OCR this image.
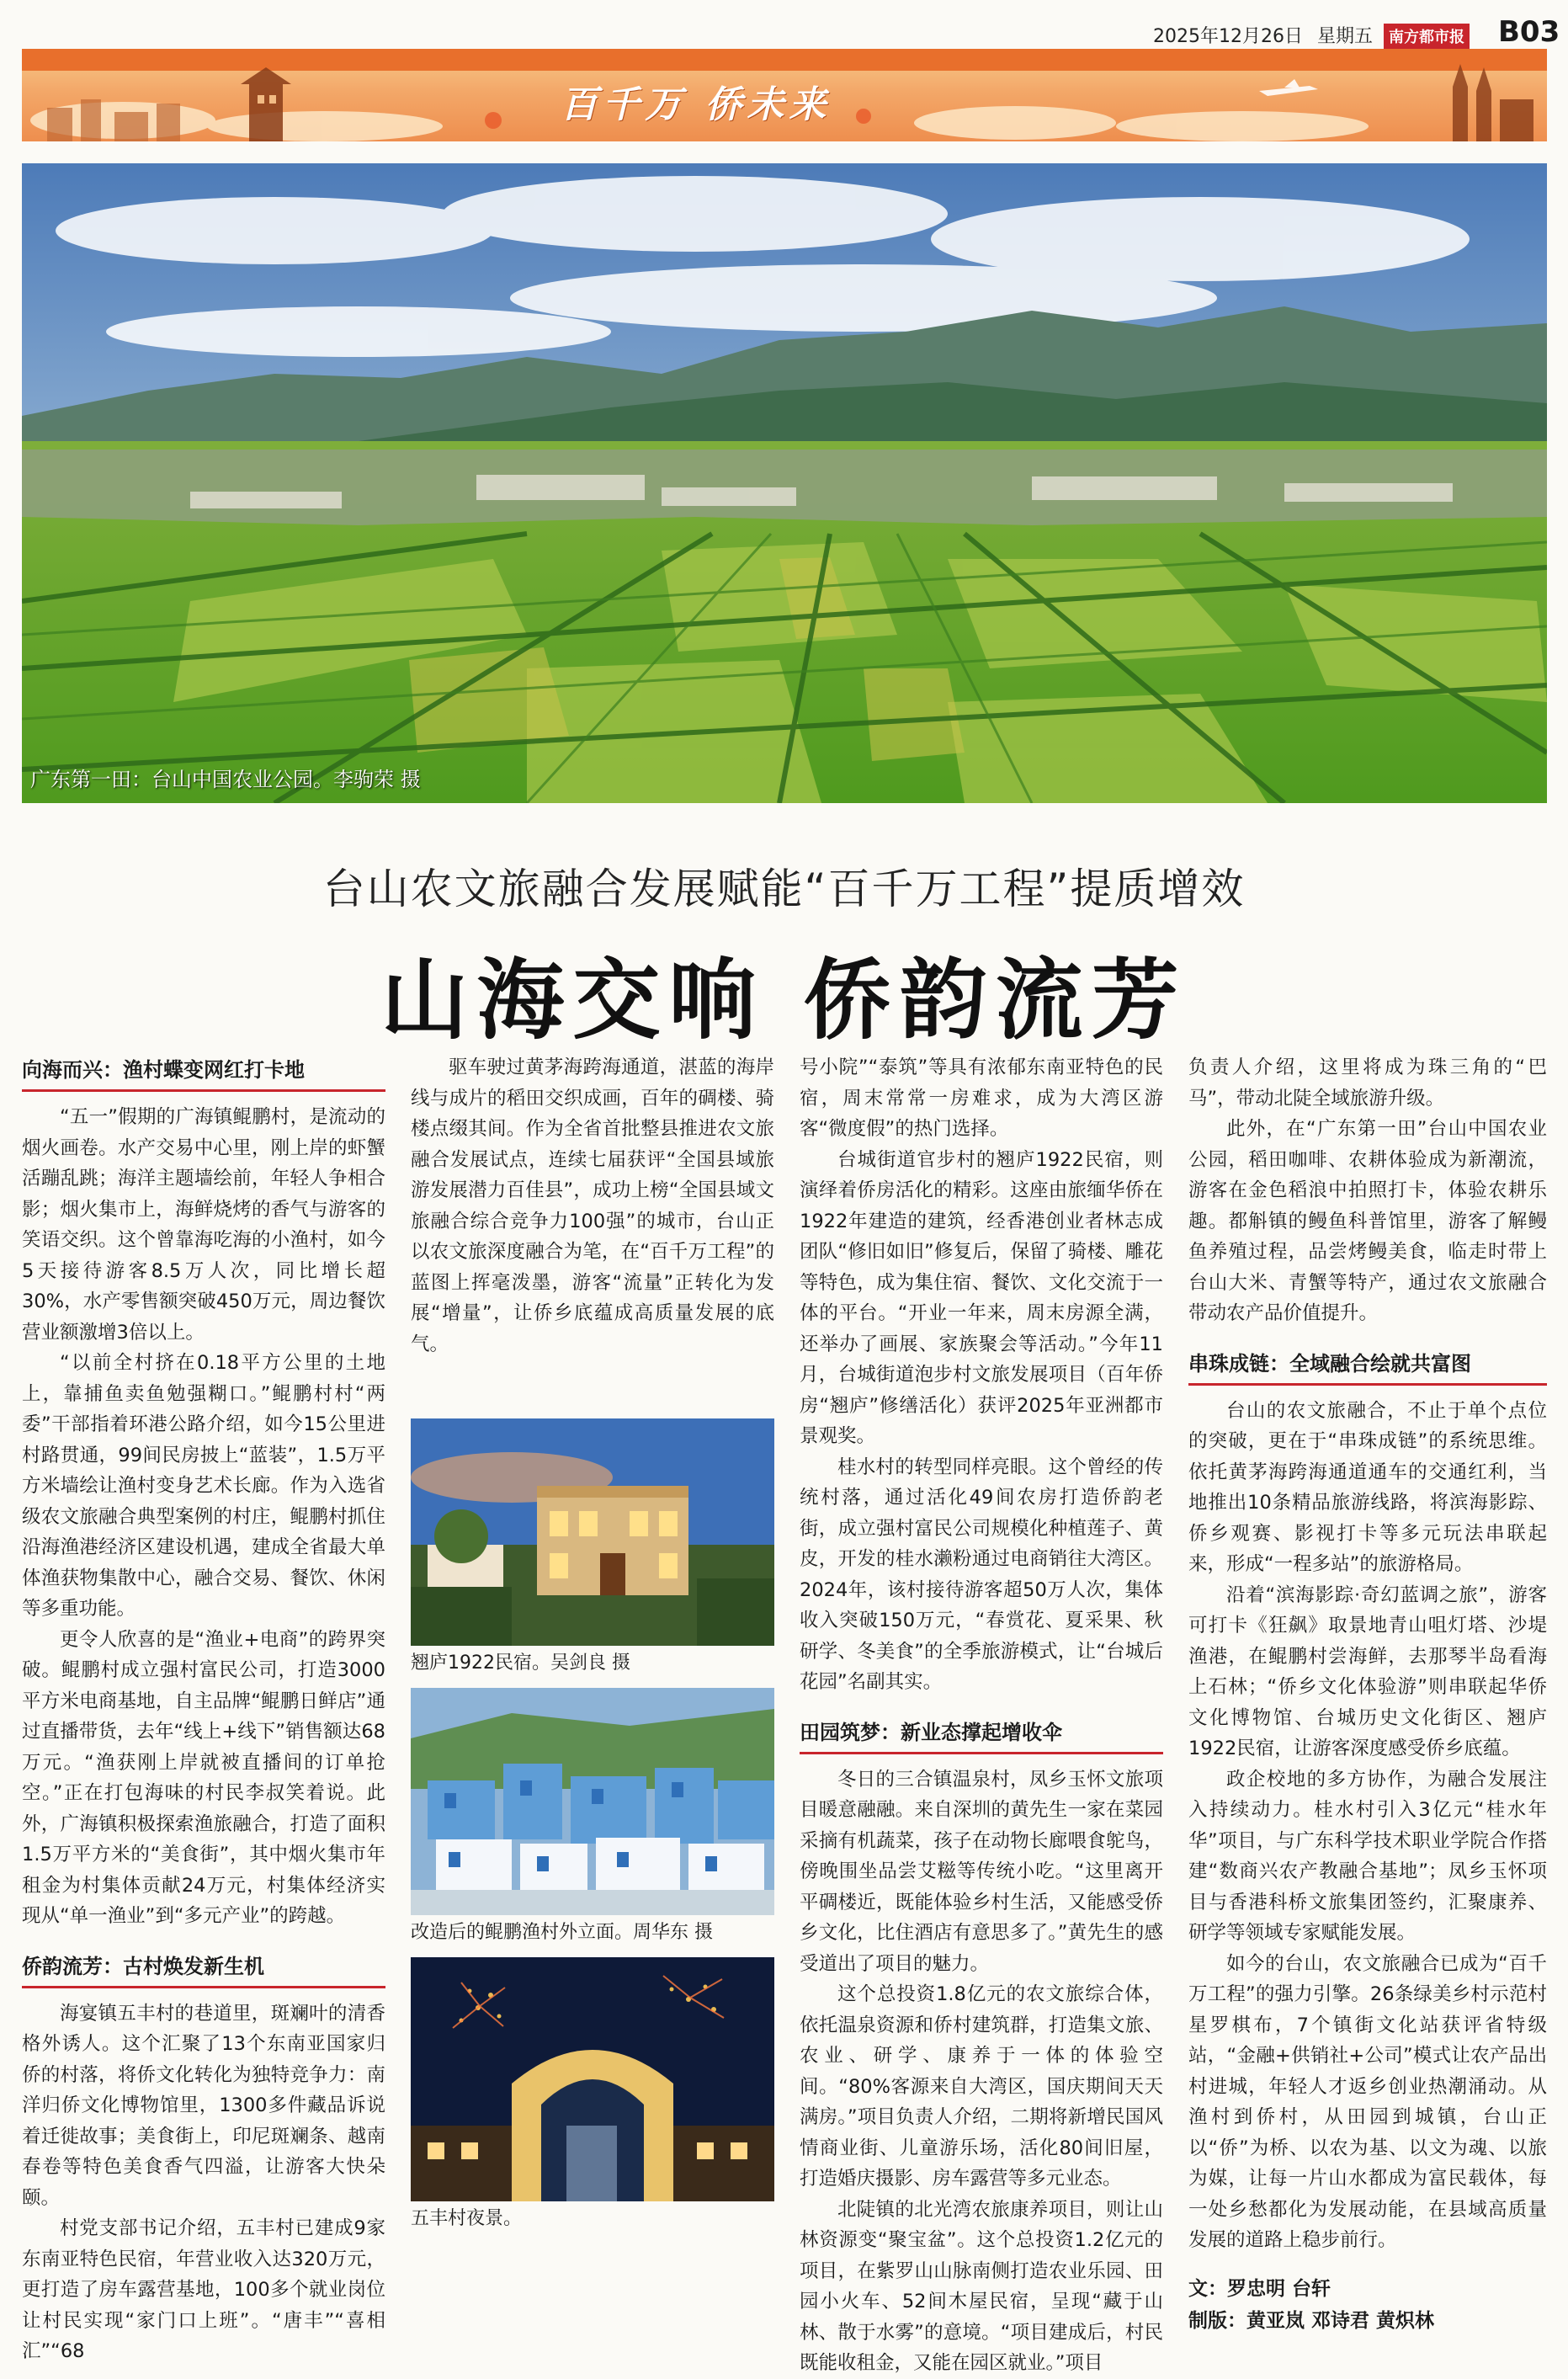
2025年12月26日 星期五 南方都市报	B03
百千万 侨未来
广东第一田：台山中国农业公园。李驹荣 摄
台山农文旅融合发展赋能“百千万工程”提质增效
山海交响 侨韵流芳
向海而兴：渔村蝶变网红打卡地

“五一”假期的广海镇鲲鹏村，是流动的烟火画卷。水产交易中心里，刚上岸的虾蟹活蹦乱跳；海洋主题墙绘前，年轻人争相合影；烟火集市上，海鲜烧烤的香气与游客的笑语交织。这个曾靠海吃海的小渔村，如今5天接待游客8.5万人次，同比增长超30%，水产零售额突破450万元，周边餐饮营业额激增3倍以上。

“以前全村挤在0.18平方公里的土地上，靠捕鱼卖鱼勉强糊口。”鲲鹏村村“两委”干部指着环港公路介绍，如今15公里进村路贯通，99间民房披上“蓝装”，1.5万平方米墙绘让渔村变身艺术长廊。作为入选省级农文旅融合典型案例的村庄，鲲鹏村抓住沿海渔港经济区建设机遇，建成全省最大单体渔获物集散中心，融合交易、餐饮、休闲等多重功能。

更令人欣喜的是“渔业+电商”的跨界突破。鲲鹏村成立强村富民公司，打造3000平方米电商基地，自主品牌“鲲鹏日鲜店”通过直播带货，去年“线上+线下”销售额达68万元。“渔获刚上岸就被直播间的订单抢空。”正在打包海味的村民李叔笑着说。此外，广海镇积极探索渔旅融合，打造了面积1.5万平方米的“美食街”，其中烟火集市年租金为村集体贡献24万元，村集体经济实现从“单一渔业”到“多元产业”的跨越。

侨韵流芳：古村焕发新生机

海宴镇五丰村的巷道里，斑斓叶的清香格外诱人。这个汇聚了13个东南亚国家归侨的村落，将侨文化转化为独特竞争力：南洋归侨文化博物馆里，1300多件藏品诉说着迁徙故事；美食街上，印尼斑斓条、越南春卷等特色美食香气四溢，让游客大快朵颐。

村党支部书记介绍，五丰村已建成9家东南亚特色民宿，年营业收入达320万元，更打造了房车露营基地，100多个就业岗位让村民实现“家门口上班”。“唐丰”“喜相汇”“68

驱车驶过黄茅海跨海通道，湛蓝的海岸线与成片的稻田交织成画，百年的碉楼、骑楼点缀其间。作为全省首批整县推进农文旅融合发展试点，连续七届获评“全国县域旅游发展潜力百佳县”，成功上榜“全国县域文旅融合综合竞争力100强”的城市，台山正以农文旅深度融合为笔，在“百千万工程”的蓝图上挥毫泼墨，游客“流量”正转化为发展“增量”，让侨乡底蕴成高质量发展的底气。

翘庐1922民宿。吴剑良 摄
改造后的鲲鹏渔村外立面。周华东 摄
五丰村夜景。

号小院”“泰筑”等具有浓郁东南亚特色的民宿，周末常常一房难求，成为大湾区游客“微度假”的热门选择。

台城街道官步村的翘庐1922民宿，则演绎着侨房活化的精彩。这座由旅缅华侨在1922年建造的建筑，经香港创业者林志成团队“修旧如旧”修复后，保留了骑楼、雕花等特色，成为集住宿、餐饮、文化交流于一体的平台。“开业一年来，周末房源全满，还举办了画展、家族聚会等活动。”今年11月，台城街道泡步村文旅发展项目（百年侨房“翘庐”修缮活化）获评2025年亚洲都市景观奖。

桂水村的转型同样亮眼。这个曾经的传统村落，通过活化49间农房打造侨韵老街，成立强村富民公司规模化种植莲子、黄皮，开发的桂水濑粉通过电商销往大湾区。2024年，该村接待游客超50万人次，集体收入突破150万元，“春赏花、夏采果、秋研学、冬美食”的全季旅游模式，让“台城后花园”名副其实。

田园筑梦：新业态撑起增收伞

冬日的三合镇温泉村，凤乡玉怀文旅项目暖意融融。来自深圳的黄先生一家在菜园采摘有机蔬菜，孩子在动物长廊喂食鸵鸟，傍晚围坐品尝艾糍等传统小吃。“这里离开平碉楼近，既能体验乡村生活，又能感受侨乡文化，比住酒店有意思多了。”黄先生的感受道出了项目的魅力。

这个总投资1.8亿元的农文旅综合体，依托温泉资源和侨村建筑群，打造集文旅、农业、研学、康养于一体的体验空间。“80%客源来自大湾区，国庆期间天天满房。”项目负责人介绍，二期将新增民国风情商业街、儿童游乐场，活化80间旧屋，打造婚庆摄影、房车露营等多元业态。

北陡镇的北光湾农旅康养项目，则让山林资源变“聚宝盆”。这个总投资1.2亿元的项目，在紫罗山山脉南侧打造农业乐园、田园小火车、52间木屋民宿，呈现“藏于山林、散于水雾”的意境。“项目建成后，村民既能收租金，又能在园区就业。”项目

负责人介绍，这里将成为珠三角的“巴马”，带动北陡全域旅游升级。

此外，在“广东第一田”台山中国农业公园，稻田咖啡、农耕体验成为新潮流，游客在金色稻浪中拍照打卡，体验农耕乐趣。都斛镇的鳗鱼科普馆里，游客了解鳗鱼养殖过程，品尝烤鳗美食，临走时带上台山大米、青蟹等特产，通过农文旅融合带动农产品价值提升。

串珠成链：全域融合绘就共富图

台山的农文旅融合，不止于单个点位的突破，更在于“串珠成链”的系统思维。依托黄茅海跨海通道通车的交通红利，当地推出10条精品旅游线路，将滨海影踪、侨乡观赛、影视打卡等多元玩法串联起来，形成“一程多站”的旅游格局。

沿着“滨海影踪·奇幻蓝调之旅”，游客可打卡《狂飙》取景地青山咀灯塔、沙堤渔港，在鲲鹏村尝海鲜，去那琴半岛看海上石林；“侨乡文化体验游”则串联起华侨文化博物馆、台城历史文化街区、翘庐1922民宿，让游客深度感受侨乡底蕴。

政企校地的多方协作，为融合发展注入持续动力。桂水村引入3亿元“桂水年华”项目，与广东科学技术职业学院合作搭建“数商兴农产教融合基地”；凤乡玉怀项目与香港科桥文旅集团签约，汇聚康养、研学等领域专家赋能发展。

如今的台山，农文旅融合已成为“百千万工程”的强力引擎。26条绿美乡村示范村星罗棋布，7个镇街文化站获评省特级站，“金融+供销社+公司”模式让农产品出村进城，年轻人才返乡创业热潮涌动。从渔村到侨村，从田园到城镇，台山正以“侨”为桥、以农为基、以文为魂、以旅为媒，让每一片山水都成为富民载体，每一处乡愁都化为发展动能，在县域高质量发展的道路上稳步前行。

文：罗忠明 台轩
制版：黄亚岚 邓诗君 黄炽林
